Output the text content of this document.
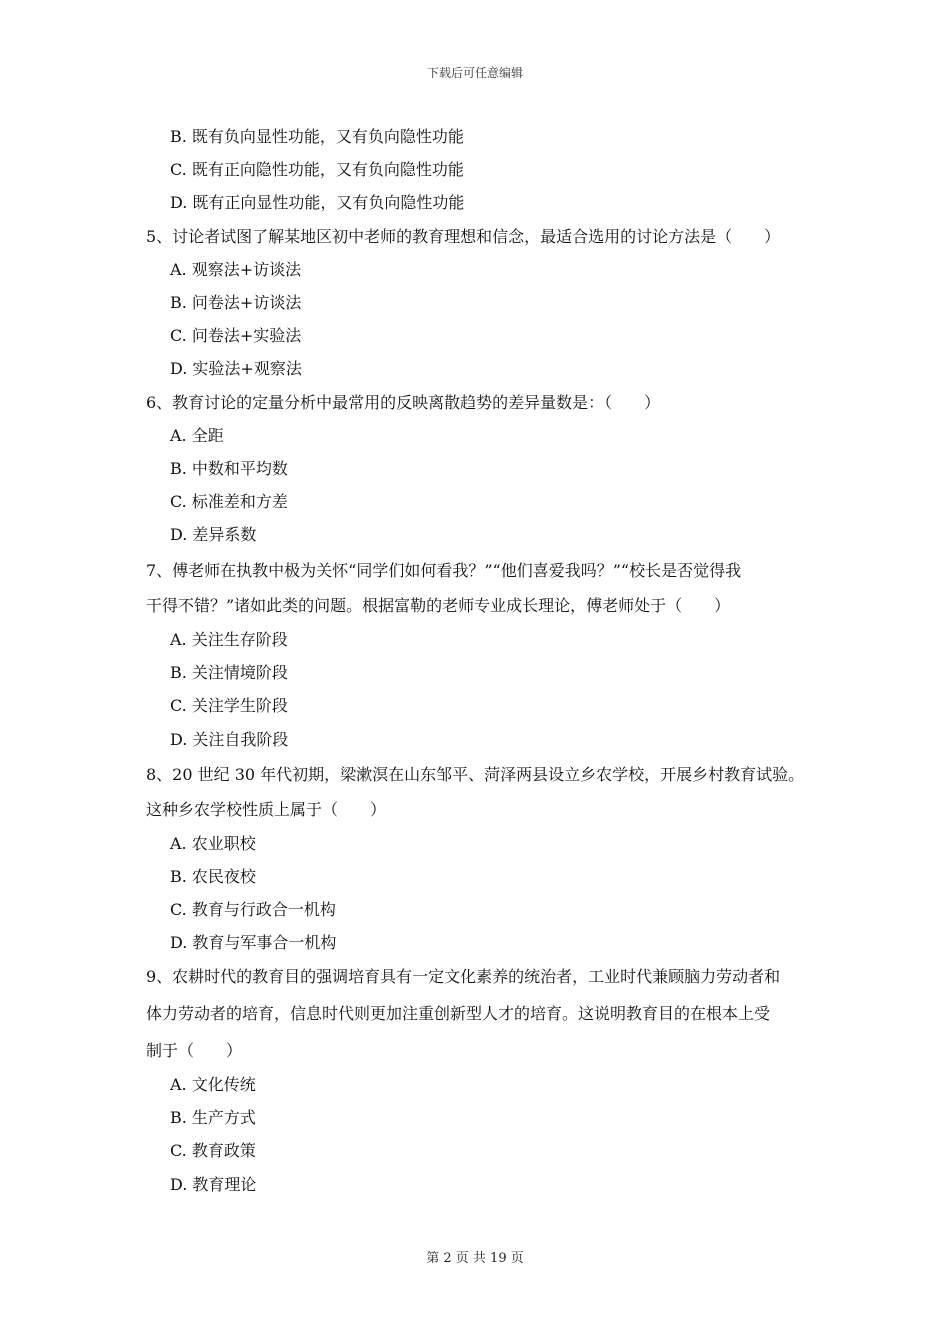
下载后可任意编辑
B. 既有负向显性功能，又有负向隐性功能
C. 既有正向隐性功能，又有负向隐性功能
D. 既有正向显性功能，又有负向隐性功能
5、讨论者试图了解某地区初中老师的教育理想和信念，最适合选用的讨论方法是（　　）
A. 观察法+访谈法
B. 问卷法+访谈法
C. 问卷法+实验法
D. 实验法+观察法
6、教育讨论的定量分析中最常用的反映离散趋势的差异量数是：（　　）
A. 全距
B. 中数和平均数
C. 标准差和方差
D. 差异系数
7、傅老师在执教中极为关怀“同学们如何看我？”“他们喜爱我吗？”“校长是否觉得我
干得不错？”诸如此类的问题。根据富勒的老师专业成长理论，傅老师处于（　　）
A. 关注生存阶段
B. 关注情境阶段
C. 关注学生阶段
D. 关注自我阶段
8、20 世纪 30 年代初期，梁漱溟在山东邹平、菏泽两县设立乡农学校，开展乡村教育试验。
这种乡农学校性质上属于（　　）
A. 农业职校
B. 农民夜校
C. 教育与行政合一机构
D. 教育与军事合一机构
9、农耕时代的教育目的强调培育具有一定文化素养的统治者，工业时代兼顾脑力劳动者和
体力劳动者的培育，信息时代则更加注重创新型人才的培育。这说明教育目的在根本上受
制于（　　）
A. 文化传统
B. 生产方式
C. 教育政策
D. 教育理论
第 2 页 共 19 页
